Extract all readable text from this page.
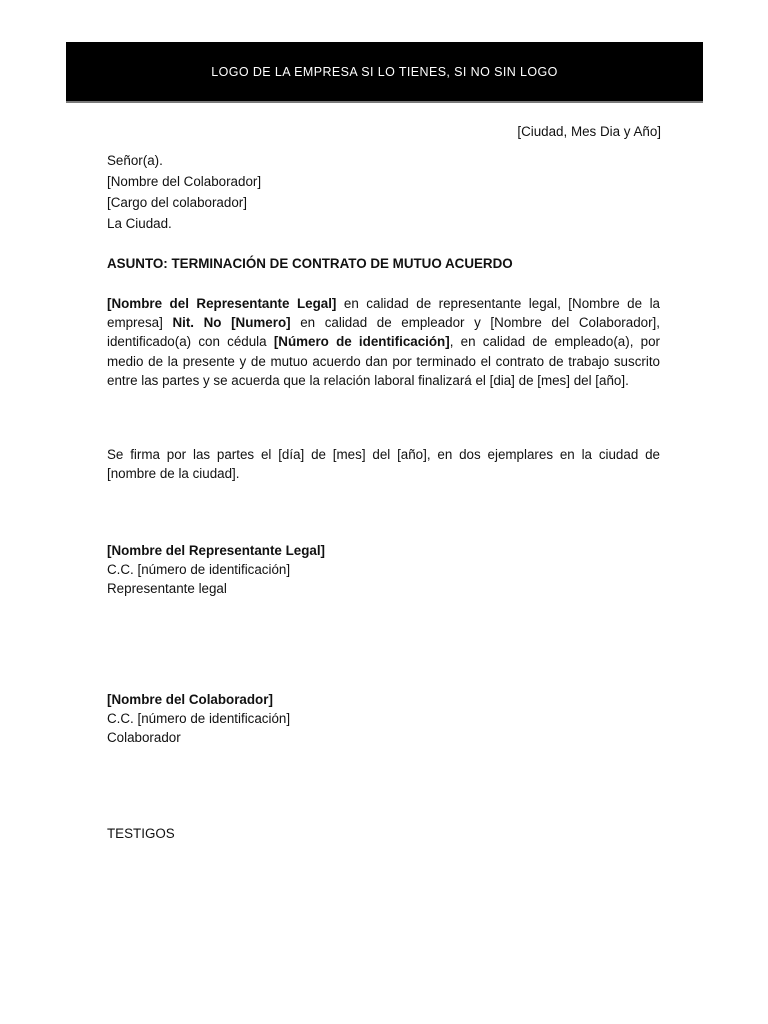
LOGO DE LA EMPRESA SI LO TIENES, SI NO SIN LOGO
[Ciudad, Mes Dia y Año]
Señor(a).
[Nombre del Colaborador]
[Cargo del colaborador]
La Ciudad.
ASUNTO: TERMINACIÓN DE CONTRATO DE MUTUO ACUERDO
[Nombre del Representante Legal] en calidad de representante legal, [Nombre de la empresa] Nit. No [Numero] en calidad de empleador y [Nombre del Colaborador], identificado(a) con cédula [Número de identificación], en calidad de empleado(a), por medio de la presente y de mutuo acuerdo dan por terminado el contrato de trabajo suscrito entre las partes y se acuerda que la relación laboral finalizará el [dia] de [mes] del [año].
Se firma por las partes el [día] de [mes] del [año], en dos ejemplares en la ciudad de [nombre de la ciudad].
[Nombre del Representante Legal]
C.C. [número de identificación]
Representante legal
[Nombre del Colaborador]
C.C. [número de identificación]
Colaborador
TESTIGOS
